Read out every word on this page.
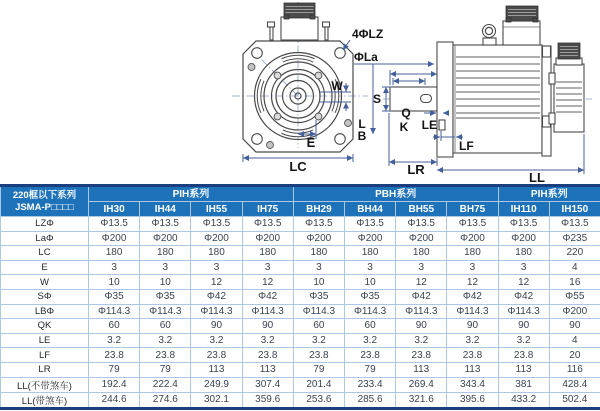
4ΦLZ
ΦLa
W
E
LC
L
B
S
Q
K LE
LF
LR
LL
220框以下系列
JSMA-P□□□□	PIH系列				PBH系列				PIH系列	
	IH30	IH44	IH55	IH75	BH29	BH44	BH55	BH75	IH110	IH150
LZΦ	Φ13.5	Φ13.5	Φ13.5	Φ13.5	Φ13.5	Φ13.5	Φ13.5	Φ13.5	Φ13.5	Φ13.5
LaΦ	Φ200	Φ200	Φ200	Φ200	Φ200	Φ200	Φ200	Φ200	Φ200	Φ235
LC	180	180	180	180	180	180	180	180	180	220
E	3	3	3	3	3	3	3	3	3	4
W	10	10	12	12	10	10	12	12	12	16
SΦ	Φ35	Φ35	Φ42	Φ42	Φ35	Φ35	Φ42	Φ42	Φ42	Φ55
LBΦ	Φ114.3	Φ114.3	Φ114.3	Φ114.3	Φ114.3	Φ114.3	Φ114.3	Φ114.3	Φ114.3	Φ200
QK	60	60	90	90	60	60	90	90	90	90
LE	3.2	3.2	3.2	3.2	3.2	3.2	3.2	3.2	3.2	4
LF	23.8	23.8	23.8	23.8	23.8	23.8	23.8	23.8	23.8	20
LR	79	79	113	113	79	79	113	113	113	116
LL(不带煞车)	192.4	222.4	249.9	307.4	201.4	233.4	269.4	343.4	381	428.4
LL(带煞车)	244.6	274.6	302.1	359.6	253.6	285.6	321.6	395.6	433.2	502.4
